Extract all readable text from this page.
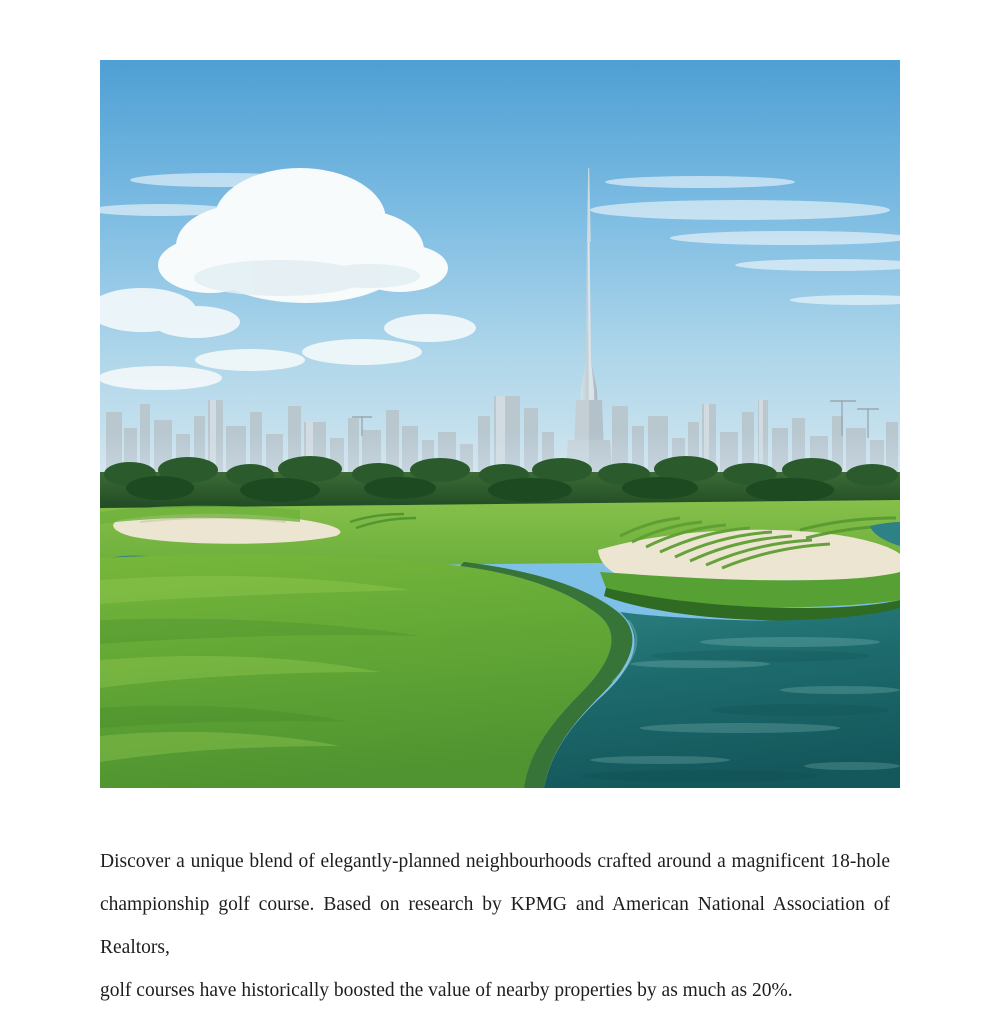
Discover a unique blend of elegantly-planned neighbourhoods crafted around a magnificent 18-hole
championship golf course. Based on research by KPMG and American National Association of Realtors,
golf courses have historically boosted the value of nearby properties by as much as 20%.
